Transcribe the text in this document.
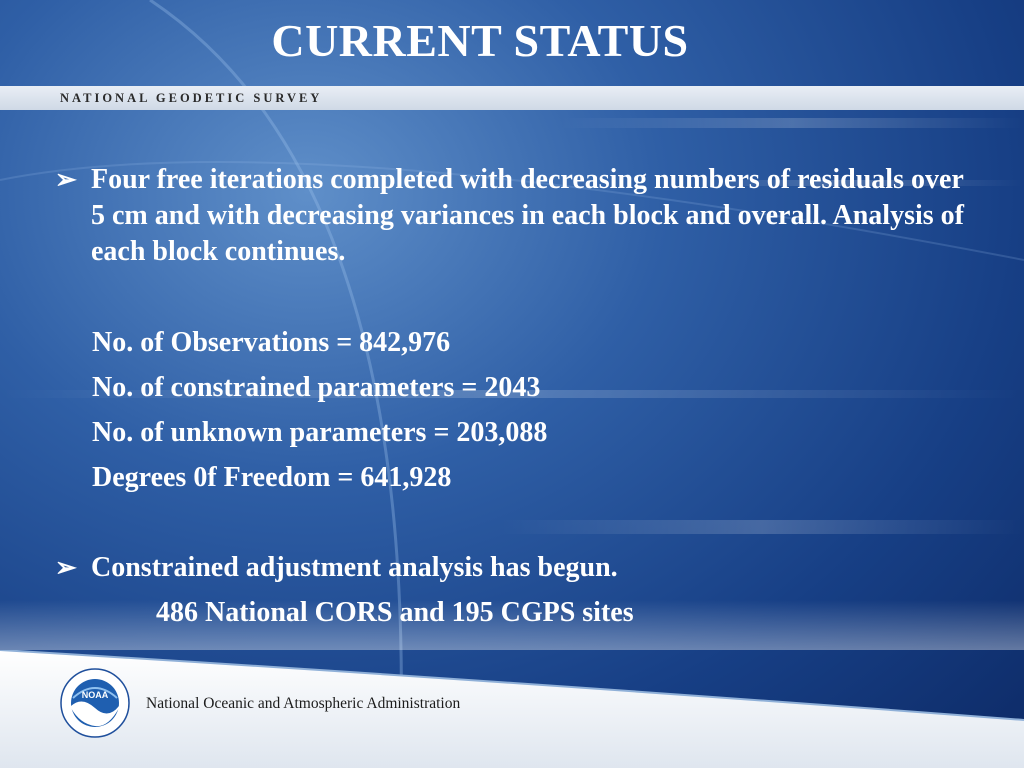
CURRENT STATUS
NATIONAL GEODETIC SURVEY
➢ Four free iterations completed with decreasing numbers of residuals over 5 cm and with decreasing variances in each block and overall. Analysis of each block continues.
No. of Observations = 842,976
No. of constrained parameters = 2043
No. of unknown parameters = 203,088
Degrees 0f Freedom = 641,928
➢ Constrained adjustment analysis has begun.
486 National CORS and 195 CGPS sites
NOAA National Oceanic and Atmospheric Administration
